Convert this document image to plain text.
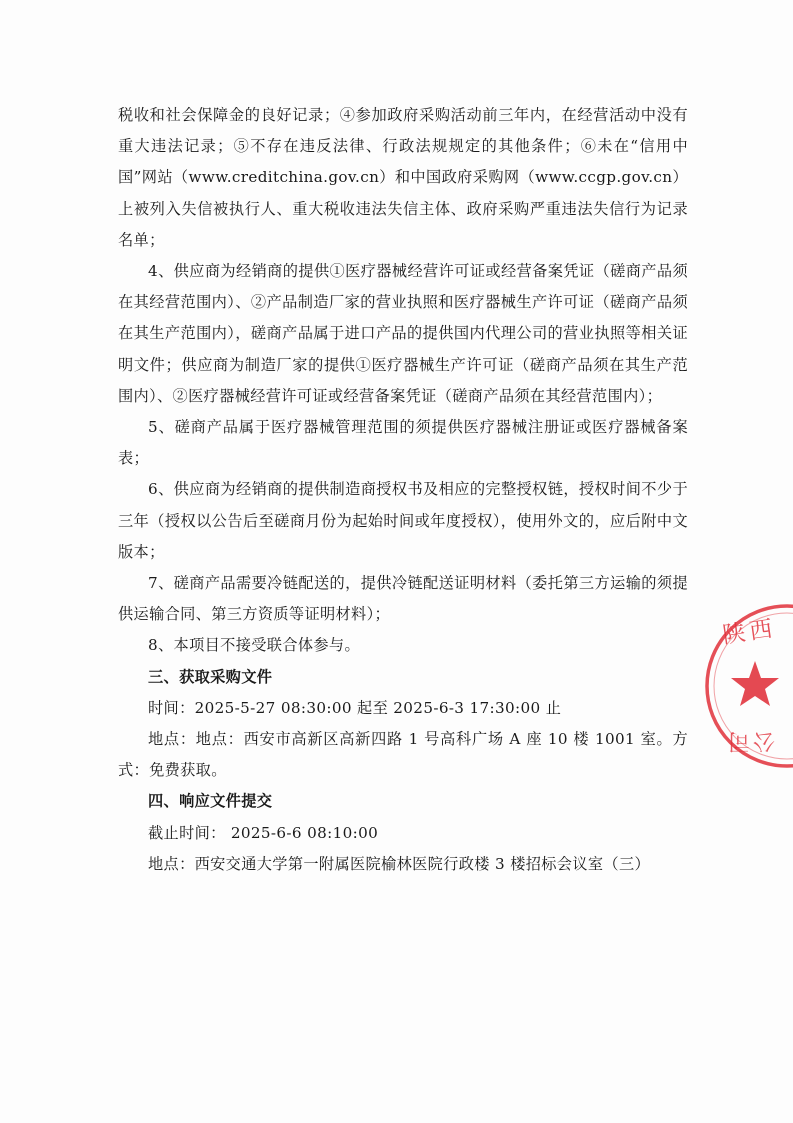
税收和社会保障金的良好记录；④参加政府采购活动前三年内，在经营活动中没有重大违法记录；⑤不存在违反法律、行政法规规定的其他条件；⑥未在“信用中国”网站（www.creditchina.gov.cn）和中国政府采购网（www.ccgp.gov.cn）上被列入失信被执行人、重大税收违法失信主体、政府采购严重违法失信行为记录名单；

4、供应商为经销商的提供①医疗器械经营许可证或经营备案凭证（磋商产品须在其经营范围内）、②产品制造厂家的营业执照和医疗器械生产许可证（磋商产品须在其生产范围内），磋商产品属于进口产品的提供国内代理公司的营业执照等相关证明文件；供应商为制造厂家的提供①医疗器械生产许可证（磋商产品须在其生产范围内）、②医疗器械经营许可证或经营备案凭证（磋商产品须在其经营范围内）；

5、磋商产品属于医疗器械管理范围的须提供医疗器械注册证或医疗器械备案表；

6、供应商为经销商的提供制造商授权书及相应的完整授权链，授权时间不少于三年（授权以公告后至磋商月份为起始时间或年度授权），使用外文的，应后附中文版本；

7、磋商产品需要冷链配送的，提供冷链配送证明材料（委托第三方运输的须提供运输合同、第三方资质等证明材料）；

8、本项目不接受联合体参与。

三、获取采购文件

时间：2025-5-27 08:30:00 起至 2025-6-3 17:30:00 止

地点：地点：西安市高新区高新四路 1 号高科广场 A 座 10 楼 1001 室。方式：免费获取。

四、响应文件提交

截止时间： 2025-6-6 08:10:00

地点：西安交通大学第一附属医院榆林医院行政楼 3 楼招标会议室（三）

陕西
公司
